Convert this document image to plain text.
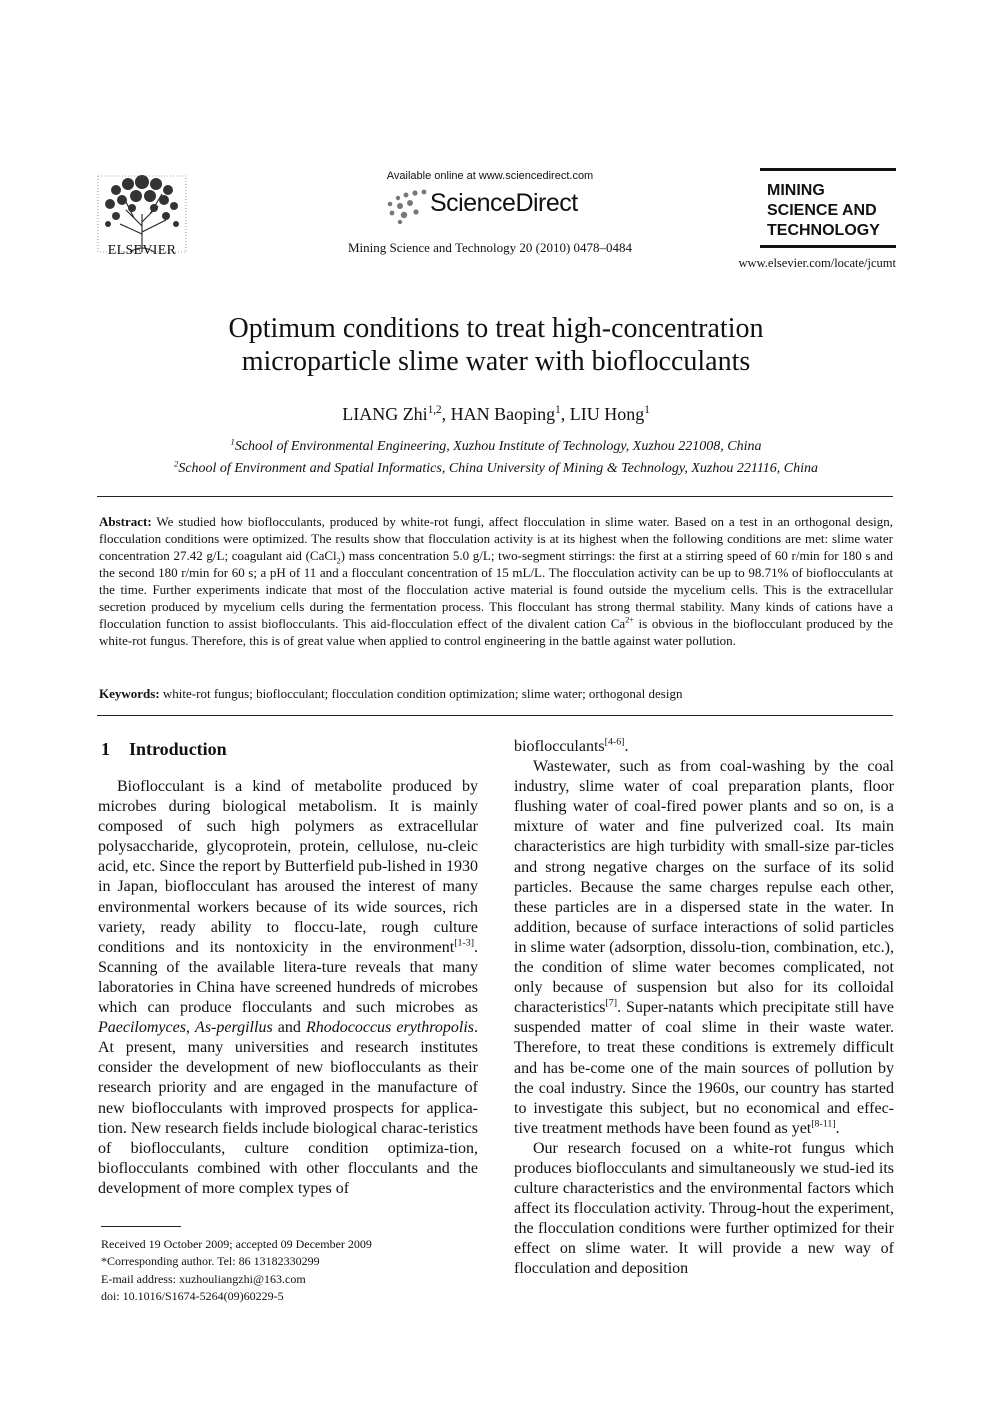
ELSEVIER
Available online at www.sciencedirect.com
ScienceDirect
Mining Science and Technology 20 (2010) 0478–0484
MINING
SCIENCE AND
TECHNOLOGY
www.elsevier.com/locate/jcumt
Optimum conditions to treat high-concentration
microparticle slime water with bioflocculants
LIANG Zhi$^{1,2}$, HAN Baoping$^1$, LIU Hong$^1$
$^1$School of Environmental Engineering, Xuzhou Institute of Technology, Xuzhou 221008, China
$^2$School of Environment and Spatial Informatics, China University of Mining & Technology, Xuzhou 221116, China
Abstract: We studied how bioflocculants, produced by white-rot fungi, affect flocculation in slime water. Based on a test in an orthogonal design, flocculation conditions were optimized. The results show that flocculation activity is at its highest when the following conditions are met: slime water concentration 27.42 g/L; coagulant aid (CaCl$_2$) mass concentration 5.0 g/L; two-segment stirrings: the first at a stirring speed of 60 r/min for 180 s and the second 180 r/min for 60 s; a pH of 11 and a flocculant concentration of 15 mL/L. The flocculation activity can be up to 98.71% of bioflocculants at the time. Further experiments indicate that most of the flocculation active material is found outside the mycelium cells. This is the extracellular secretion produced by mycelium cells during the fermentation process. This flocculant has strong thermal stability. Many kinds of cations have a flocculation function to assist bioflocculants. This aid-flocculation effect of the divalent cation $Ca^{2+}$ is obvious in the bioflocculant produced by the white-rot fungus. Therefore, this is of great value when applied to control engineering in the battle against water pollution.
Keywords: white-rot fungus; bioflocculant; flocculation condition optimization; slime water; orthogonal design
1 Introduction

Bioflocculant is a kind of metabolite produced by microbes during biological metabolism. It is mainly composed of such high polymers as extracellular polysaccharide, glycoprotein, protein, cellulose, nu-cleic acid, etc. Since the report by Butterfield pub-lished in 1930 in Japan, bioflocculant has aroused the interest of many environmental workers because of its wide sources, rich variety, ready ability to floccu-late, rough culture conditions and its nontoxicity in the environment[1-3]. Scanning of the available litera-ture reveals that many laboratories in China have screened hundreds of microbes which can produce flocculants and such microbes as Paecilomyces, As-pergillus and Rhodococcus erythropolis. At present, many universities and research institutes consider the development of new bioflocculants as their research priority and are engaged in the manufacture of new bioflocculants with improved prospects for applica-tion. New research fields include biological charac-teristics of bioflocculants, culture condition optimiza-tion, bioflocculants combined with other flocculants and the development of more complex types of

bioflocculants[4-6].

Wastewater, such as from coal-washing by the coal industry, slime water of coal preparation plants, floor flushing water of coal-fired power plants and so on, is a mixture of water and fine pulverized coal. Its main characteristics are high turbidity with small-size par-ticles and strong negative charges on the surface of its solid particles. Because the same charges repulse each other, these particles are in a dispersed state in the water. In addition, because of surface interactions of solid particles in slime water (adsorption, dissolu-tion, combination, etc.), the condition of slime water becomes complicated, not only because of suspension but also for its colloidal characteristics[7]. Super-natants which precipitate still have suspended matter of coal slime in their waste water. Therefore, to treat these conditions is extremely difficult and has be-come one of the main sources of pollution by the coal industry. Since the 1960s, our country has started to investigate this subject, but no economical and effec-tive treatment methods have been found as yet[8-11].

Our research focused on a white-rot fungus which produces bioflocculants and simultaneously we stud-ied its culture characteristics and the environmental factors which affect its flocculation activity. Throug-hout the experiment, the flocculation conditions were further optimized for their effect on slime water. It will provide a new way of flocculation and deposition

Received 19 October 2009; accepted 09 December 2009
*Corresponding author. Tel: 86 13182330299
E-mail address: xuzhouliangzhi@163.com
doi: 10.1016/S1674-5264(09)60229-5
